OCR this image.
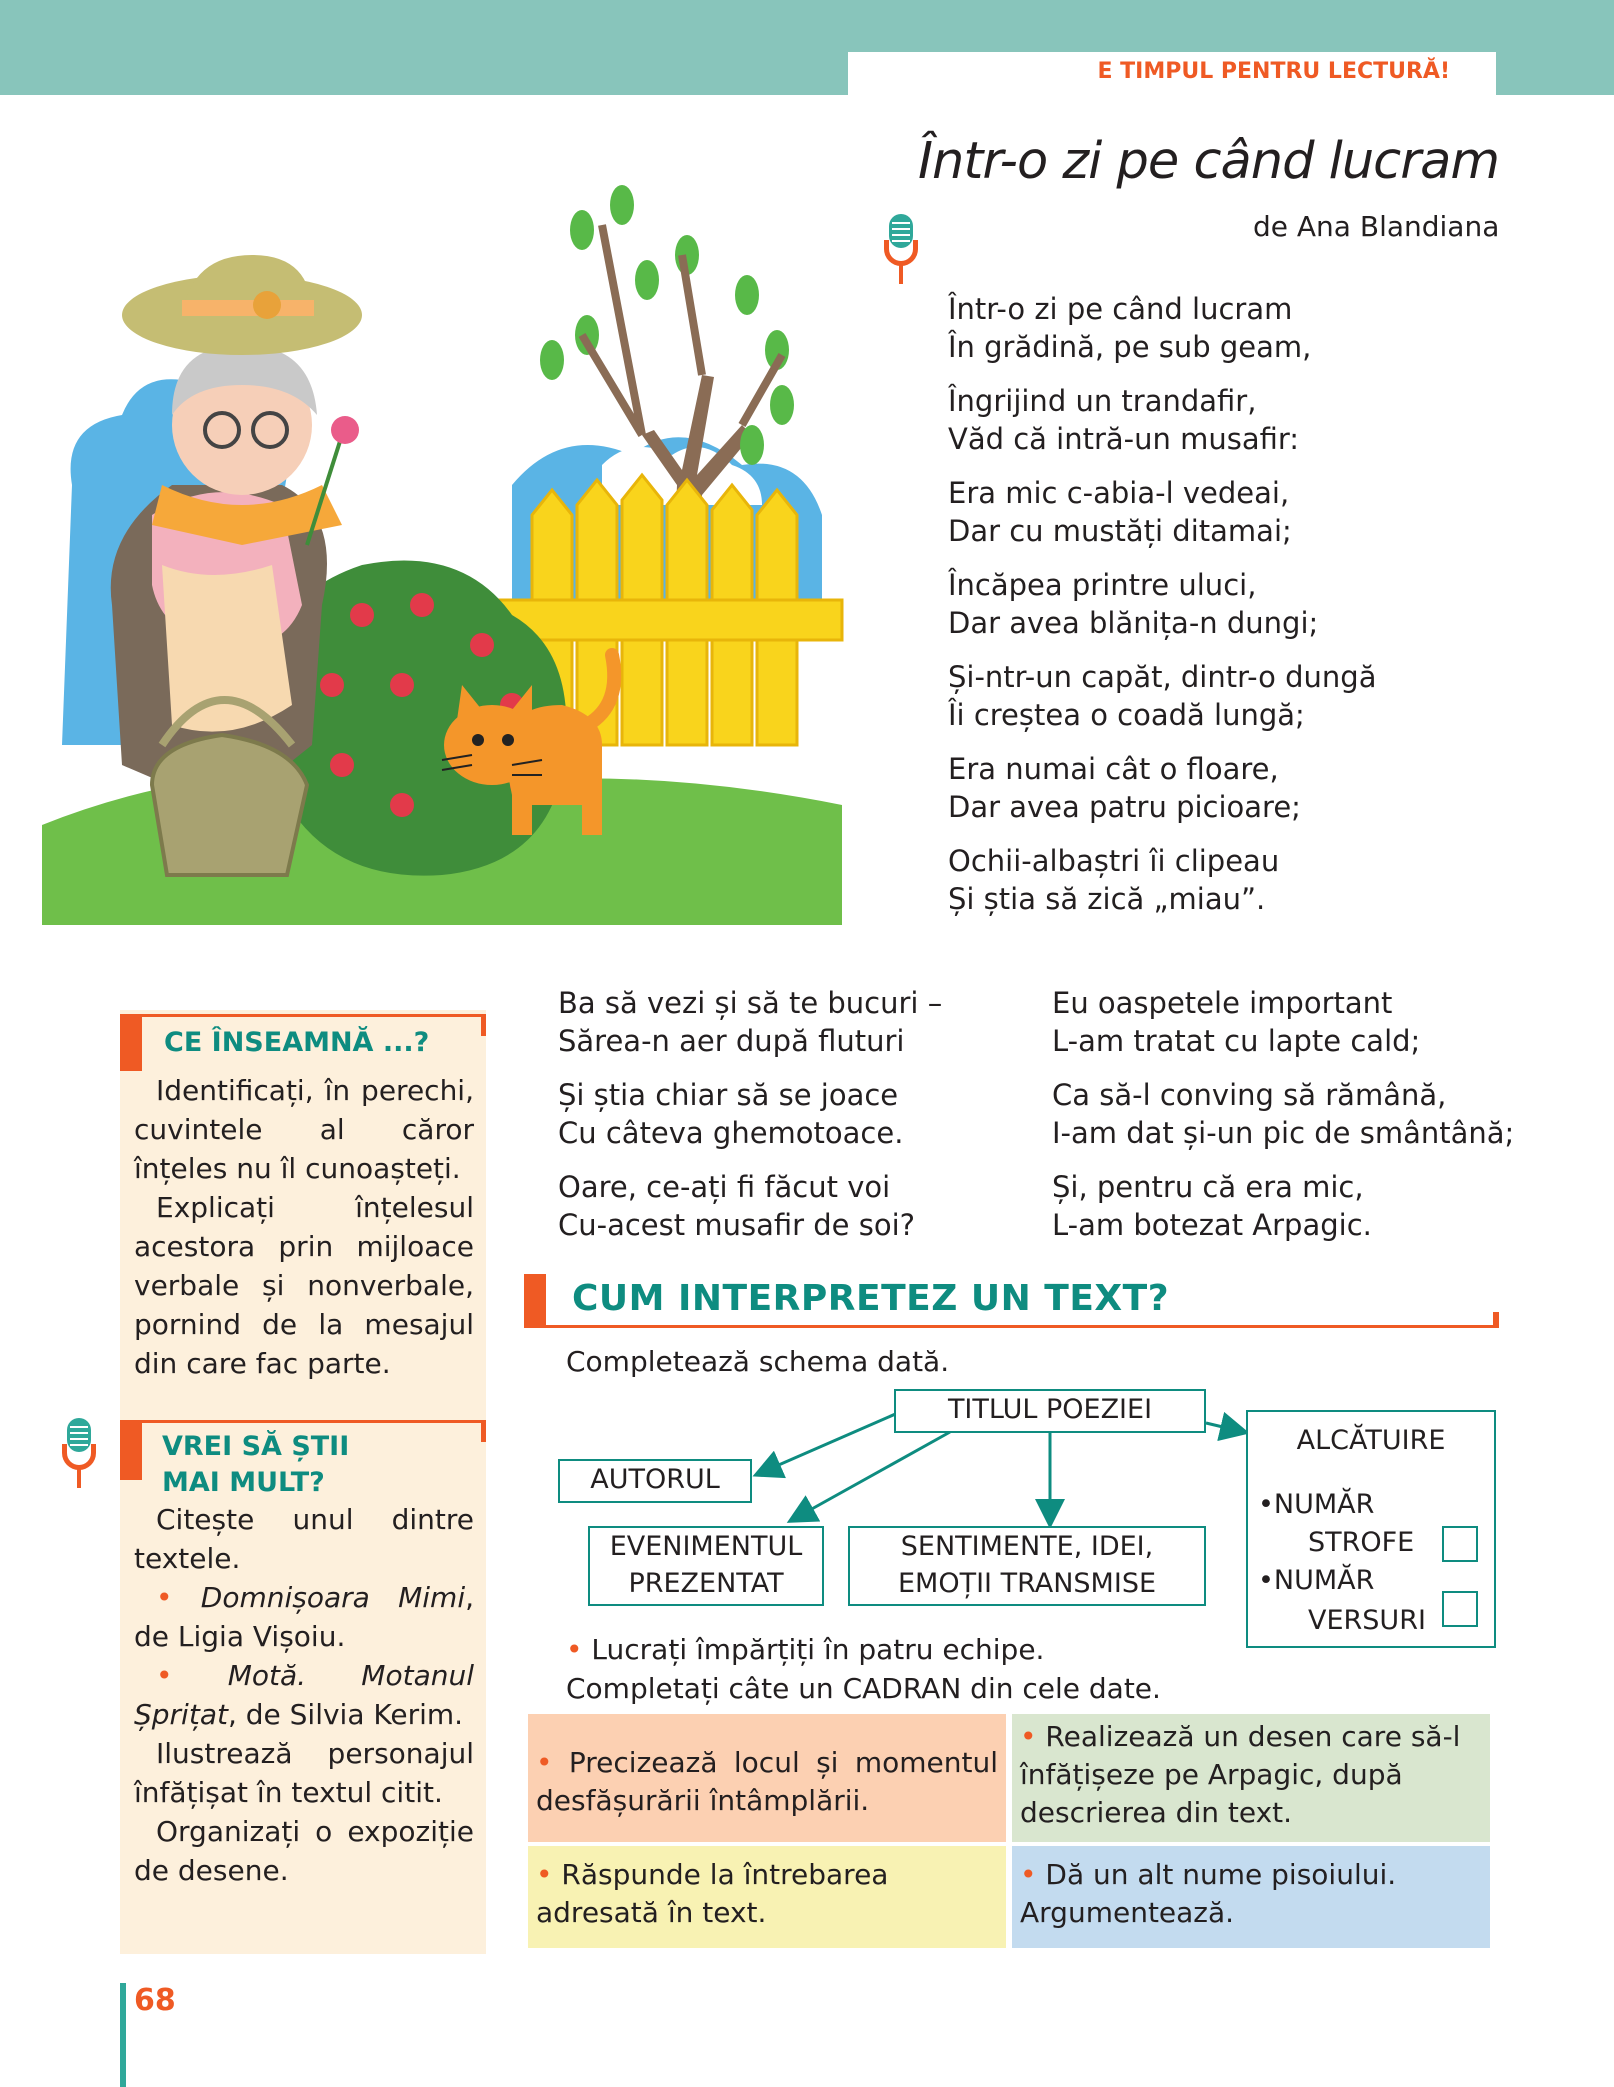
E TIMPUL PENTRU LECTURĂ!
Într-o zi pe când lucram
de Ana Blandiana
Într-o zi pe când lucram
În grădină, pe sub geam,
Îngrijind un trandafir,
Văd că intră-un musafir:
Era mic c-abia-l vedeai,
Dar cu mustăți ditamai;
Încăpea printre uluci,
Dar avea blănița-n dungi;
Și-ntr-un capăt, dintr-o dungă
Îi creștea o coadă lungă;
Era numai cât o floare,
Dar avea patru picioare;
Ochii-albaștri îi clipeau
Și știa să zică „miau”.
Ba să vezi și să te bucuri –
Sărea-n aer după fluturi
Și știa chiar să se joace
Cu câteva ghemotoace.
Oare, ce-ați fi făcut voi
Cu-acest musafir de soi?
Eu oaspetele important
L-am tratat cu lapte cald;
Ca să-l conving să rămână,
I-am dat și-un pic de smântână;
Și, pentru că era mic,
L-am botezat Arpagic.
CE ÎNSEAMNĂ ...?

Identificați, în perechi, cuvintele al căror înțeles nu îl cunoașteți.

Explicați înțelesul acestora prin mijloace verbale și nonverbale, pornind de la mesajul din care fac parte.

VREI SĂ ȘTII
MAI MULT?

Citește unul dintre textele.

• Domnișoara Mimi, de Ligia Vișoiu.

• Motă. Motanul Șprițat, de Silvia Kerim.

Ilustrează personajul înfățișat în textul citit.

Organizați o expoziție de desene.

CUM INTERPRETEZ UN TEXT?
Completează schema dată.
TITLUL POEZIEI
AUTORUL
EVENIMENTUL
PREZENTAT
SENTIMENTE, IDEI,
EMOȚII TRANSMISE
ALCĂTUIRE
•NUMĂR
STROFE
•NUMĂR
VERSURI
• Lucrați împărțiți în patru echipe.
Completați câte un CADRAN din cele date.
• Precizează locul și momentul desfășurării întâmplării.
• Realizează un desen care să-l înfățișeze pe Arpagic, după descrierea din text.
• Răspunde la întrebarea adresată în text.
• Dă un alt nume pisoiului. Argumentează.
68
